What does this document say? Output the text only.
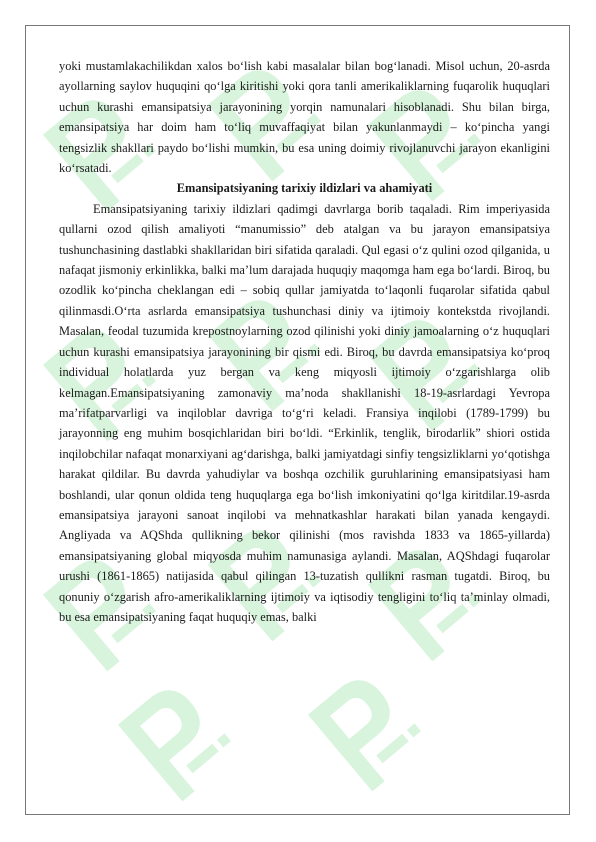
yoki mustamlakachilikdan xalos bo‘lish kabi masalalar bilan bog‘lanadi. Misol uchun, 20-asrda ayollarning saylov huquqini qo‘lga kiritishi yoki qora tanli amerikaliklarning fuqarolik huquqlari uchun kurashi emansipatsiya jarayonining yorqin namunalari hisoblanadi. Shu bilan birga, emansipatsiya har doim ham to‘liq muvaffaqiyat bilan yakunlanmaydi – ko‘pincha yangi tengsizlik shakllari paydo bo‘lishi mumkin, bu esa uning doimiy rivojlanuvchi jarayon ekanligini ko‘rsatadi.

Emansipatsiyaning tarixiy ildizlari va ahamiyati

Emansipatsiyaning tarixiy ildizlari qadimgi davrlarga borib taqaladi. Rim imperiyasida qullarni ozod qilish amaliyoti “manumissio” deb atalgan va bu jarayon emansipatsiya tushunchasining dastlabki shakllaridan biri sifatida qaraladi. Qul egasi o‘z qulini ozod qilganida, u nafaqat jismoniy erkinlikka, balki ma’lum darajada huquqiy maqomga ham ega bo‘lardi. Biroq, bu ozodlik ko‘pincha cheklangan edi – sobiq qullar jamiyatda to‘laqonli fuqarolar sifatida qabul qilinmasdi.O‘rta asrlarda emansipatsiya tushunchasi diniy va ijtimoiy kontekstda rivojlandi. Masalan, feodal tuzumida krepostnoylarning ozod qilinishi yoki diniy jamoalarning o‘z huquqlari uchun kurashi emansipatsiya jarayonining bir qismi edi. Biroq, bu davrda emansipatsiya ko‘proq individual holatlarda yuz bergan va keng miqyosli ijtimoiy o‘zgarishlarga olib kelmagan.Emansipatsiyaning zamonaviy ma’noda shakllanishi 18-19-asrlardagi Yevropa ma’rifatparvarligi va inqiloblar davriga to‘g‘ri keladi. Fransiya inqilobi (1789-1799) bu jarayonning eng muhim bosqichlaridan biri bo‘ldi. “Erkinlik, tenglik, birodarlik” shiori ostida inqilobchilar nafaqat monarxiyani ag‘darishga, balki jamiyatdagi sinfiy tengsizliklarni yo‘qotishga harakat qildilar. Bu davrda yahudiylar va boshqa ozchilik guruhlarining emansipatsiyasi ham boshlandi, ular qonun oldida teng huquqlarga ega bo‘lish imkoniyatini qo‘lga kiritdilar.19-asrda emansipatsiya jarayoni sanoat inqilobi va mehnatkashlar harakati bilan yanada kengaydi. Angliyada va AQShda qullikning bekor qilinishi (mos ravishda 1833 va 1865-yillarda) emansipatsiyaning global miqyosda muhim namunasiga aylandi. Masalan, AQShdagi fuqarolar urushi (1861-1865) natijasida qabul qilingan 13-tuzatish qullikni rasman tugatdi. Biroq, bu qonuniy o‘zgarish afro-amerikaliklarning ijtimoiy va iqtisodiy tengligini to‘liq ta’minlay olmadi, bu esa emansipatsiyaning faqat huquqiy emas, balki
